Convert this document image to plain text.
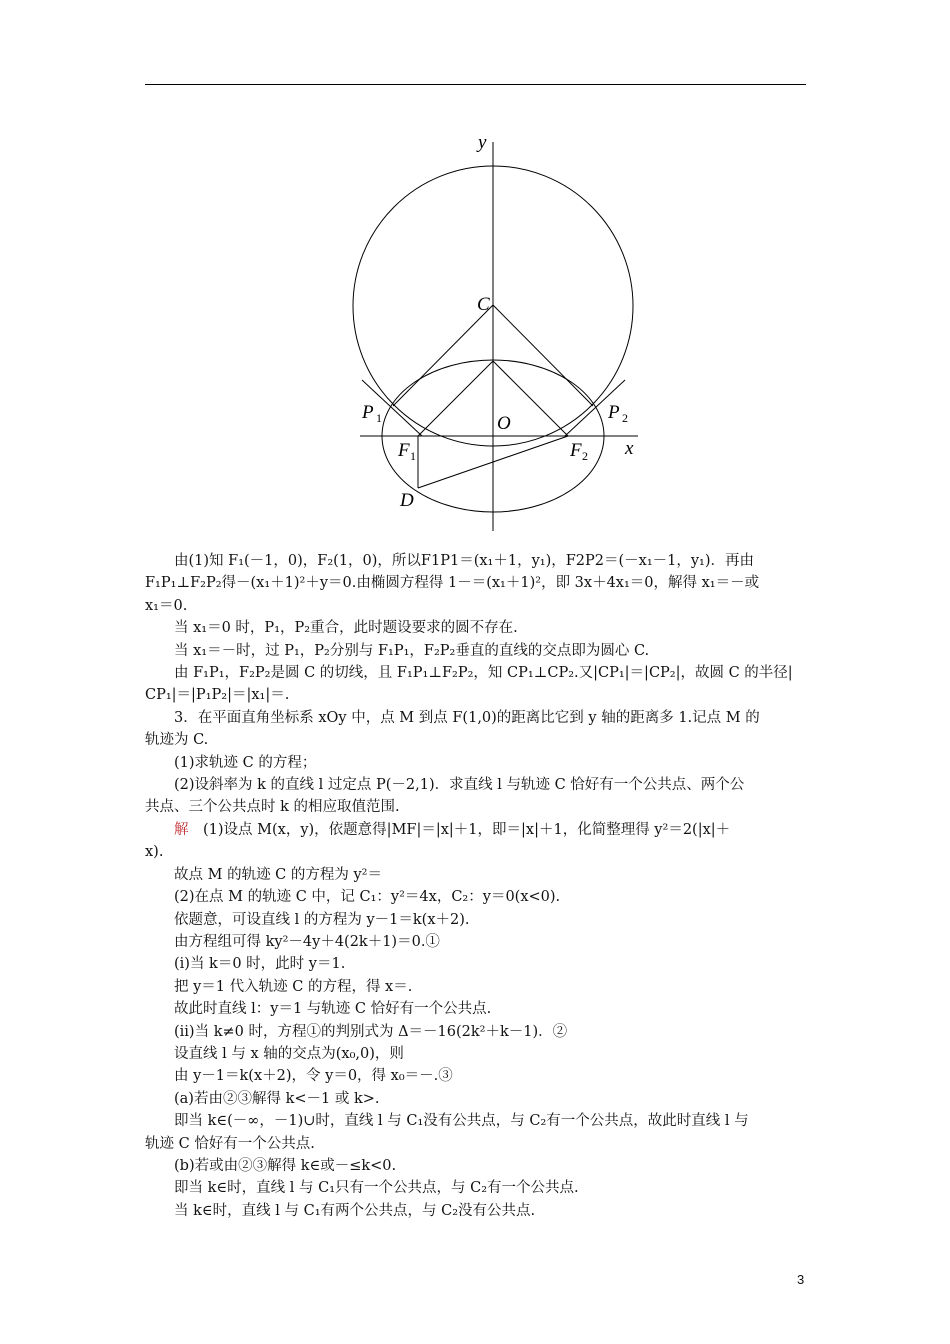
y
x
C
O
P 1	P 2
F 1	F 2
D

由(1)知 F₁(－1，0)，F₂(1，0)，所以F1P1＝(x₁＋1，y₁)，F2P2＝(－x₁－1，y₁)．再由

F₁P₁⊥F₂P₂得－(x₁＋1)²＋y＝0.由椭圆方程得 1－＝(x₁＋1)²，即 3x＋4x₁＝0，解得 x₁＝－或

x₁＝0.

当 x₁＝0 时，P₁，P₂重合，此时题设要求的圆不存在.

当 x₁＝－时，过 P₁，P₂分别与 F₁P₁，F₂P₂垂直的直线的交点即为圆心 C.

由 F₁P₁，F₂P₂是圆 C 的切线，且 F₁P₁⊥F₂P₂，知 CP₁⊥CP₂.又|CP₁|＝|CP₂|，故圆 C 的半径|

CP₁|＝|P₁P₂|＝|x₁|＝.

3．在平面直角坐标系 xOy 中，点 M 到点 F(1,0)的距离比它到 y 轴的距离多 1.记点 M 的

轨迹为 C.

(1)求轨迹 C 的方程；

(2)设斜率为 k 的直线 l 过定点 P(－2,1)．求直线 l 与轨迹 C 恰好有一个公共点、两个公

共点、三个公共点时 k 的相应取值范围.

解　(1)设点 M(x，y)，依题意得|MF|＝|x|＋1，即＝|x|＋1，化简整理得 y²＝2(|x|＋

x).

故点 M 的轨迹 C 的方程为 y²＝

(2)在点 M 的轨迹 C 中，记 C₁：y²＝4x，C₂：y＝0(x<0).

依题意，可设直线 l 的方程为 y－1＝k(x＋2).

由方程组可得 ky²－4y＋4(2k＋1)＝0.①

(ⅰ)当 k＝0 时，此时 y＝1.

把 y＝1 代入轨迹 C 的方程，得 x＝.

故此时直线 l：y＝1 与轨迹 C 恰好有一个公共点.

(ⅱ)当 k≠0 时，方程①的判别式为 Δ＝－16(2k²＋k－1)．②

设直线 l 与 x 轴的交点为(x₀,0)，则

由 y－1＝k(x＋2)，令 y＝0，得 x₀＝－.③

(a)若由②③解得 k<－1 或 k>.

即当 k∈(－∞，－1)∪时，直线 l 与 C₁没有公共点，与 C₂有一个公共点，故此时直线 l 与

轨迹 C 恰好有一个公共点.

(b)若或由②③解得 k∈或－≤k<0.

即当 k∈时，直线 l 与 C₁只有一个公共点，与 C₂有一个公共点.

当 k∈时，直线 l 与 C₁有两个公共点，与 C₂没有公共点.

3
